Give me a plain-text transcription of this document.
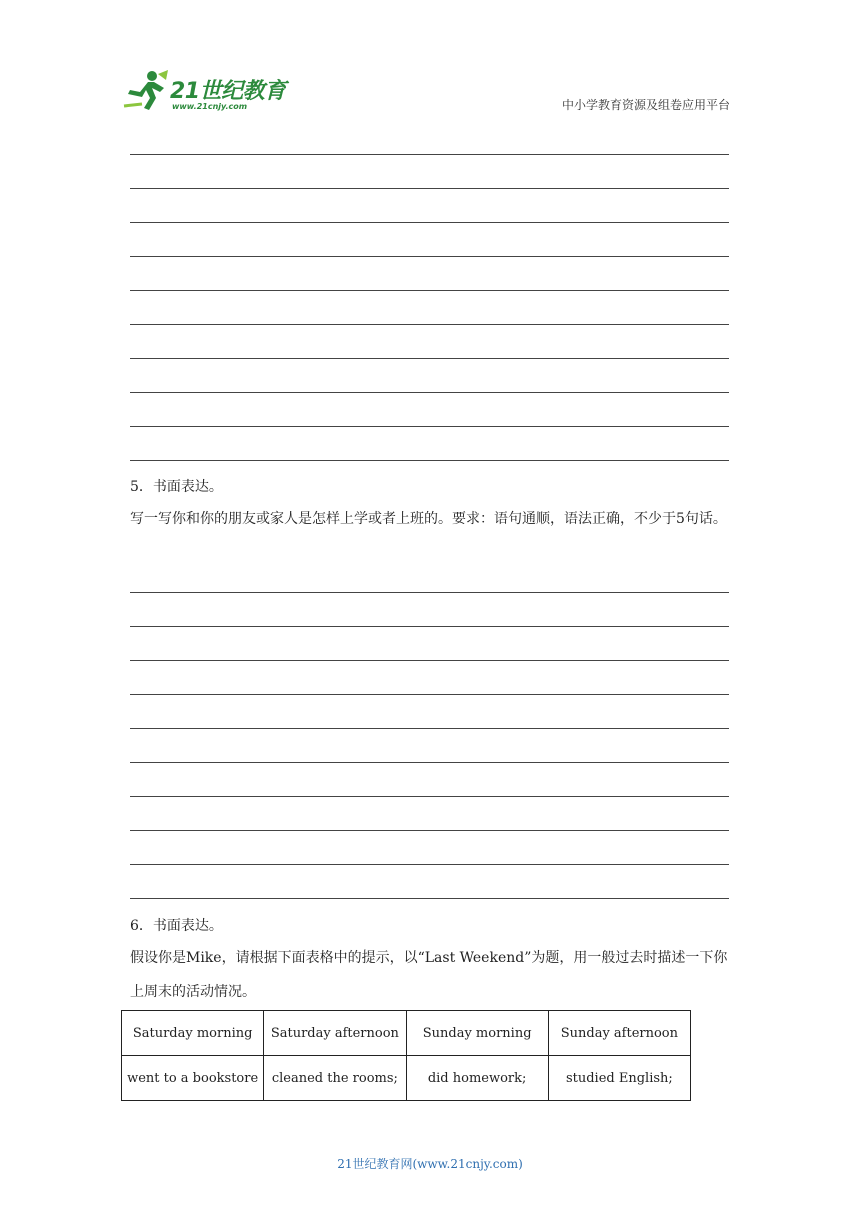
21世纪教育
www.21cnjy.com	中小学教育资源及组卷应用平台
5．书面表达。
写一写你和你的朋友或家人是怎样上学或者上班的。要求：语句通顺，语法正确，不少于5句话。
6．书面表达。
假设你是Mike，请根据下面表格中的提示，以“Last Weekend”为题，用一般过去时描述一下你上周末的活动情况。
Saturday morning	Saturday afternoon	Sunday morning	Sunday afternoon
went to a bookstore	cleaned the rooms;	did homework;	studied English;
21世纪教育网(www.21cnjy.com)
